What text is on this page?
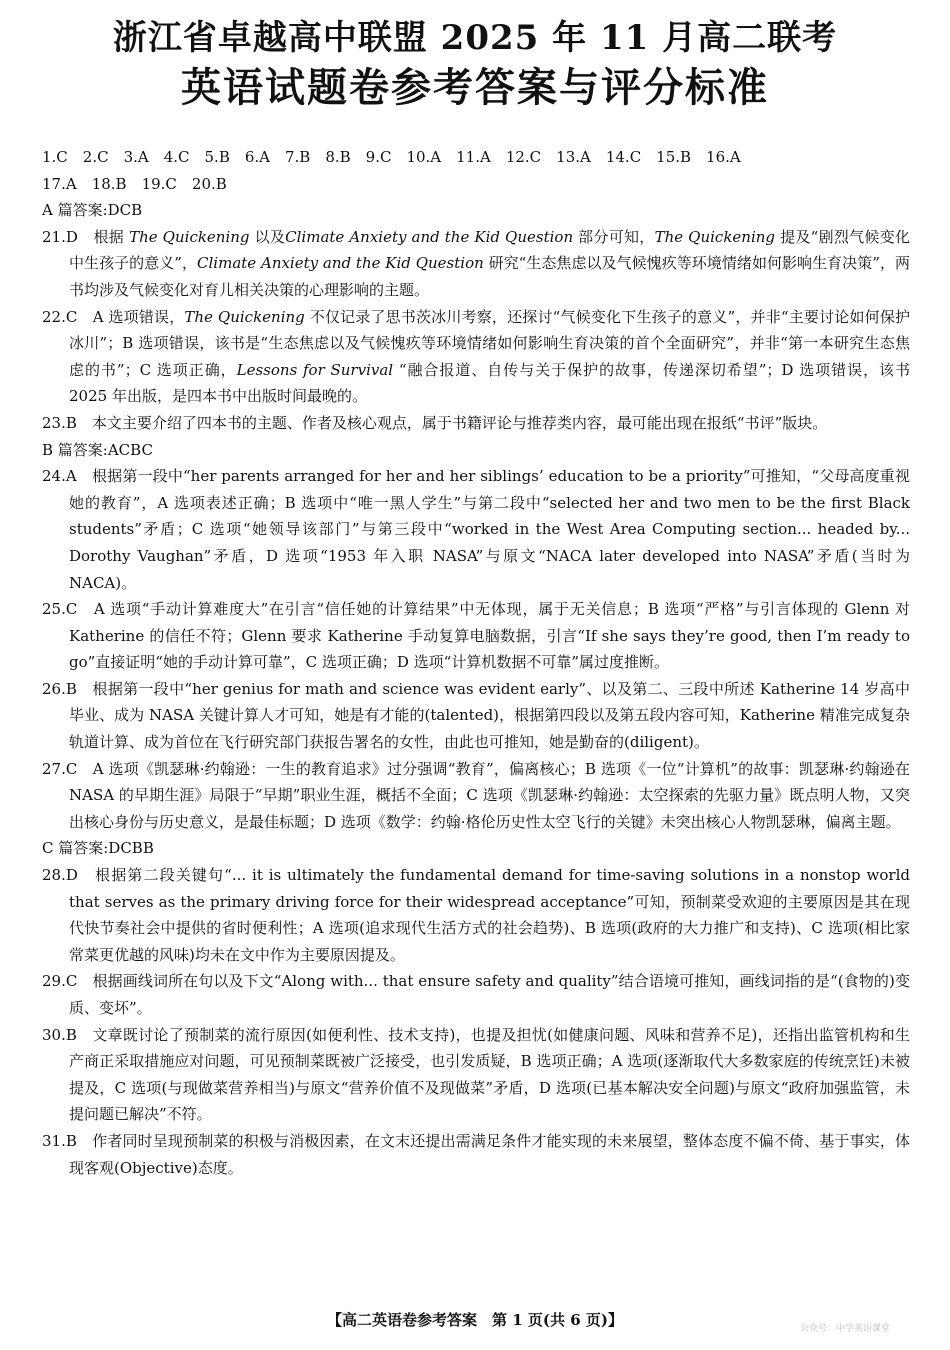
浙江省卓越高中联盟 2025 年 11 月高二联考
英语试题卷参考答案与评分标准
1.C　2.C　3.A　4.C　5.B　6.A　7.B　8.B　9.C　10.A　11.A　12.C　13.A　14.C　15.B　16.A
17.A　18.B　19.C　20.B
A 篇答案:DCB
21.D　 根据 The Quickening 以及Climate Anxiety and the Kid Question 部分可知，The Quickening 提及“剧烈气候变化中生孩子的意义”，Climate Anxiety and the Kid Question 研究“生态焦虑以及气候愧疚等环境情绪如何影响生育决策”，两书均涉及气候变化对育儿相关决策的心理影响的主题。
22.C　 A 选项错误，The Quickening 不仅记录了思书茨冰川考察，还探讨“气候变化下生孩子的意义”，并非“主要讨论如何保护冰川”；B 选项错误，该书是“生态焦虑以及气候愧疚等环境情绪如何影响生育决策的首个全面研究”，并非“第一本研究生态焦虑的书”；C 选项正确，Lessons for Survival “融合报道、自传与关于保护的故事，传递深切希望”；D 选项错误，该书 2025 年出版，是四本书中出版时间最晚的。
23.B　 本文主要介绍了四本书的主题、作者及核心观点，属于书籍评论与推荐类内容，最可能出现在报纸“书评”版块。
B 篇答案:ACBC
24.A　 根据第一段中“her parents arranged for her and her siblings’ education to be a priority”可推知，“父母高度重视她的教育”，A 选项表述正确；B 选项中“唯一黑人学生”与第二段中“selected her and two men to be the first Black students”矛盾；C 选项“她领导该部门”与第三段中“worked in the West Area Computing section... headed by... Dorothy Vaughan”矛盾，D 选项“1953 年入职 NASA”与原文“NACA later developed into NASA”矛盾(当时为 NACA)。
25.C　 A 选项“手动计算难度大”在引言“信任她的计算结果”中无体现，属于无关信息；B 选项“严格”与引言体现的 Glenn 对 Katherine 的信任不符；Glenn 要求 Katherine 手动复算电脑数据，引言“If she says they’re good, then I’m ready to go”直接证明“她的手动计算可靠”，C 选项正确；D 选项“计算机数据不可靠”属过度推断。
26.B　 根据第一段中“her genius for math and science was evident early”、以及第二、三段中所述 Katherine 14 岁高中毕业、成为 NASA 关键计算人才可知，她是有才能的(talented)，根据第四段以及第五段内容可知，Katherine 精准完成复杂轨道计算、成为首位在飞行研究部门获报告署名的女性，由此也可推知，她是勤奋的(diligent)。
27.C　 A 选项《凯瑟琳·约翰逊：一生的教育追求》过分强调“教育”，偏离核心；B 选项《一位“计算机”的故事：凯瑟琳·约翰逊在 NASA 的早期生涯》局限于“早期”职业生涯，概括不全面；C 选项《凯瑟琳·约翰逊：太空探索的先驱力量》既点明人物，又突出核心身份与历史意义，是最佳标题；D 选项《数学：约翰·格伦历史性太空飞行的关键》未突出核心人物凯瑟琳，偏离主题。
C 篇答案:DCBB
28.D　 根据第二段关键句“... it is ultimately the fundamental demand for time-saving solutions in a nonstop world that serves as the primary driving force for their widespread acceptance”可知，预制菜受欢迎的主要原因是其在现代快节奏社会中提供的省时便利性；A 选项(追求现代生活方式的社会趋势)、B 选项(政府的大力推广和支持)、C 选项(相比家常菜更优越的风味)均未在文中作为主要原因提及。
29.C　 根据画线词所在句以及下文“Along with... that ensure safety and quality”结合语境可推知，画线词指的是“(食物的)变质、变坏”。
30.B　 文章既讨论了预制菜的流行原因(如便利性、技术支持)，也提及担忧(如健康问题、风味和营养不足)，还指出监管机构和生产商正采取措施应对问题，可见预制菜既被广泛接受，也引发质疑，B 选项正确；A 选项(逐渐取代大多数家庭的传统烹饪)未被提及，C 选项(与现做菜营养相当)与原文“营养价值不及现做菜”矛盾，D 选项(已基本解决安全问题)与原文“政府加强监管，未提问题已解决”不符。
31.B　 作者同时呈现预制菜的积极与消极因素，在文末还提出需满足条件才能实现的未来展望，整体态度不偏不倚、基于事实，体现客观(Objective)态度。
【高二英语卷参考答案　第 1 页(共 6 页)】	公众号：中学英语课堂
